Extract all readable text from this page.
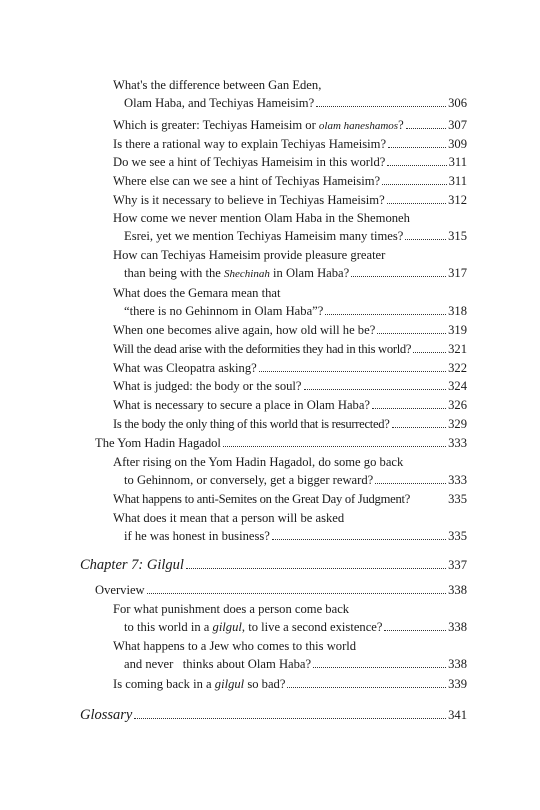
What's the difference between Gan Eden,
Olam Haba, and Techiyas Hameisim?	306
Which is greater: Techiyas Hameisim or olam haneshamos?	307
Is there a rational way to explain Techiyas Hameisim?	309
Do we see a hint of Techiyas Hameisim in this world?	311
Where else can we see a hint of Techiyas Hameisim?	311
Why is it necessary to believe in Techiyas Hameisim?	312
How come we never mention Olam Haba in the Shemoneh
Esrei, yet we mention Techiyas Hameisim many times?	315
How can Techiyas Hameisim provide pleasure greater
than being with the Shechinah in Olam Haba?	317
What does the Gemara mean that
“there is no Gehinnom in Olam Haba”?	318
When one becomes alive again, how old will he be?	319
Will the dead arise with the deformities they had in this world?	321
What was Cleopatra asking?	322
What is judged: the body or the soul?	324
What is necessary to secure a place in Olam Haba?	326
Is the body the only thing of this world that is resurrected?	329
The Yom Hadin Hagadol	333
After rising on the Yom Hadin Hagadol, do some go back
to Gehinnom, or conversely, get a bigger reward?	333
What happens to anti-Semites on the Great Day of Judgment?	335
What does it mean that a person will be asked
if he was honest in business?	335
Chapter 7: Gilgul	337
Overview	338
For what punishment does a person come back
to this world in a gilgul, to live a second existence?	338
What happens to a Jew who comes to this world
and never   thinks about Olam Haba?	338
Is coming back in a gilgul so bad?	339
Glossary	341
